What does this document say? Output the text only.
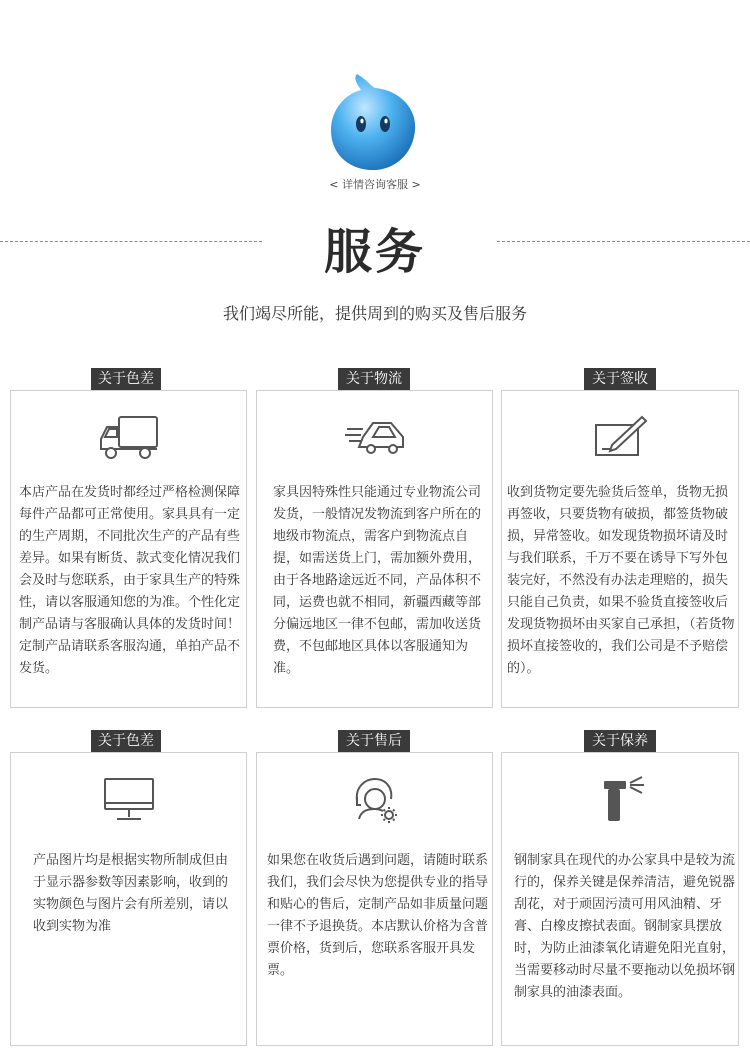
< 详情咨询客服 >
服务
我们竭尽所能，提供周到的购买及售后服务
关于色差	关于物流	关于签收
本店产品在发货时都经过严格检测保障每件产品都可正常使用。家具具有一定的生产周期，不同批次生产的产品有些差异。如果有断货、款式变化情况我们会及时与您联系，由于家具生产的特殊性，请以客服通知您的为准。个性化定制产品请与客服确认具体的发货时间！定制产品请联系客服沟通，单拍产品不发货。
家具因特殊性只能通过专业物流公司发货，一般情况发物流到客户所在的地级市物流点，需客户到物流点自提，如需送货上门，需加额外费用，由于各地路途远近不同，产品体积不同，运费也就不相同，新疆西藏等部分偏远地区一律不包邮，需加收送货费，不包邮地区具体以客服通知为准。
收到货物定要先验货后签单，货物无损再签收，只要货物有破损，都签货物破损，异常签收。如发现货物损坏请及时与我们联系，千万不要在诱导下写外包装完好，不然没有办法走理赔的，损失只能自己负责，如果不验货直接签收后发现货物损坏由买家自己承担，（若货物损坏直接签收的，我们公司是不予赔偿的）。
关于色差	关于售后	关于保养
产品图片均是根据实物所制成但由于显示器参数等因素影响，收到的实物颜色与图片会有所差别，请以收到实物为准
如果您在收货后遇到问题，请随时联系我们，我们会尽快为您提供专业的指导和贴心的售后，定制产品如非质量问题一律不予退换货。本店默认价格为含普票价格，货到后，您联系客服开具发票。
钢制家具在现代的办公家具中是较为流行的，保养关键是保养清洁，避免锐器刮花，对于顽固污渍可用风油精、牙膏、白橡皮擦拭表面。钢制家具摆放时，为防止油漆氧化请避免阳光直射，当需要移动时尽量不要拖动以免损坏钢制家具的油漆表面。
